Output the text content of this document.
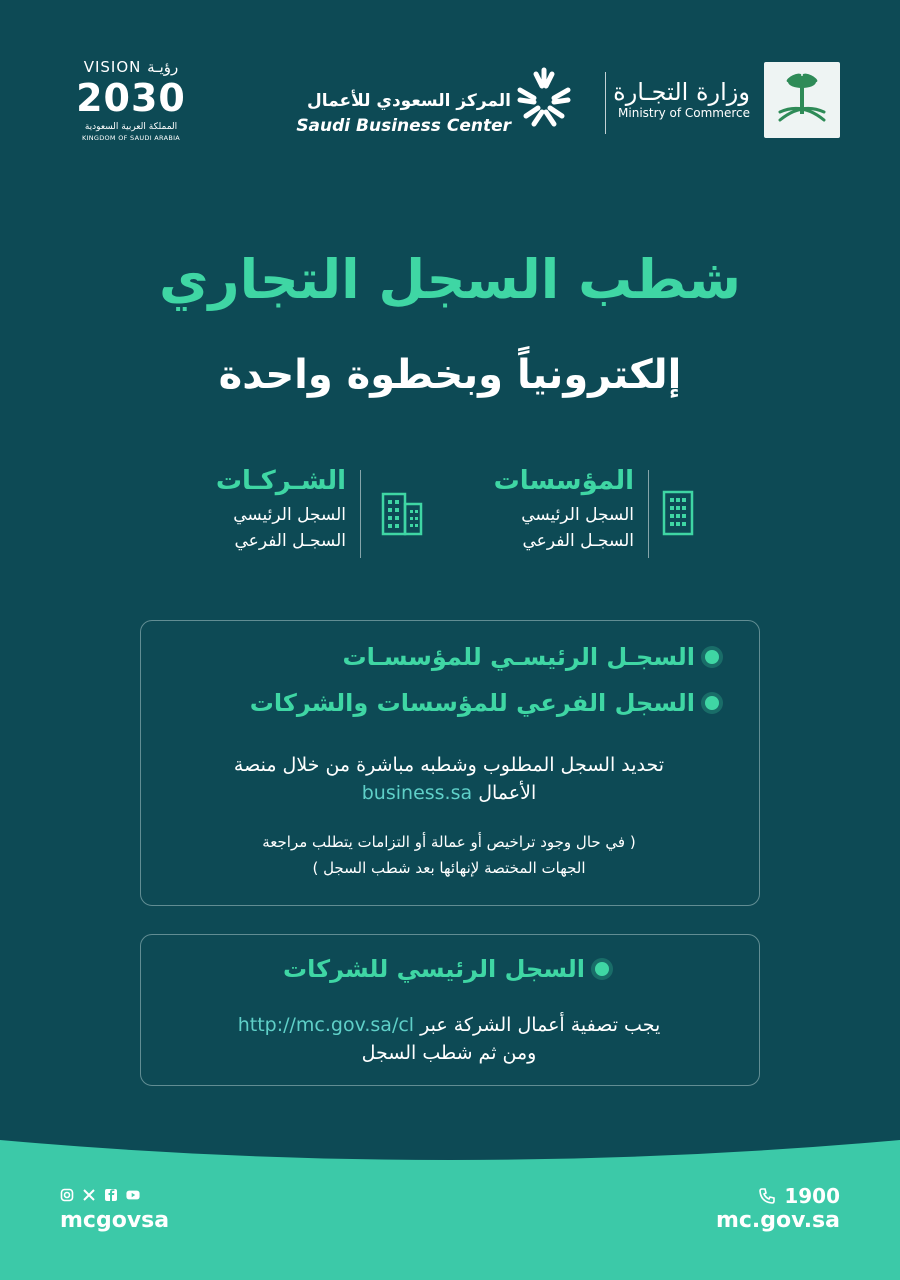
VISION رؤيـة
2030
المملكة العربية السعودية
KINGDOM OF SAUDI ARABIA
المركز السعودي للأعمال
Saudi Business Center
وزارة التجـارة
Ministry of Commerce
شطب السجل التجاري
إلكترونياً وبخطوة واحدة
المؤسسات
السجل الرئيسي
السجـل الفرعي
الشـركـات
السجل الرئيسي
السجـل الفرعي
السجـل الرئيسـي للمؤسسـات
السجل الفرعي للمؤسسات والشركات
تحديد السجل المطلوب وشطبه مباشرة من خلال منصة
الأعمال business.sa
( في حال وجود تراخيص أو عمالة أو التزامات يتطلب مراجعة
الجهات المختصة لإنهائها بعد شطب السجل )
السجل الرئيسي للشركات
يجب تصفية أعمال الشركة عبر http://mc.gov.sa/cl
ومن ثم شطب السجل
mcgovsa
1900
mc.gov.sa
